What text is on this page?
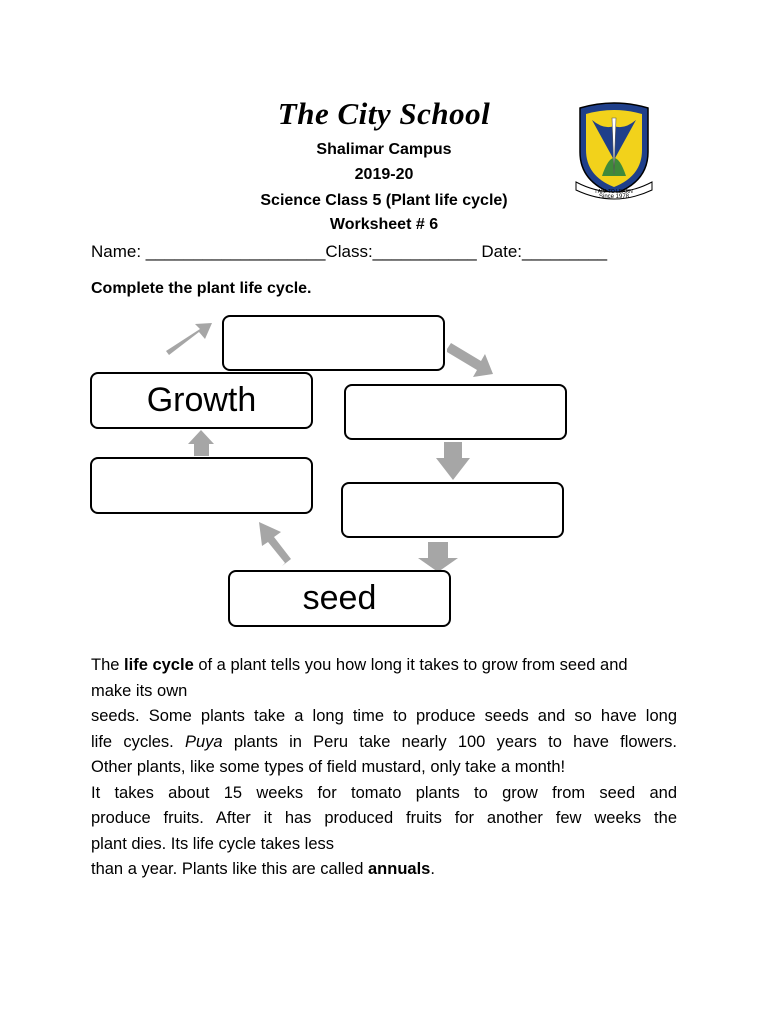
The City School
Shalimar Campus
2019-20
Science Class 5 (Plant life cycle)
Worksheet # 6
I AIM TO LEARN
Since 1978
Name: ___________________Class:___________ Date:_________
Complete the plant life cycle.
seed
Growth

The life cycle of a plant tells you how long it takes to grow from seed and

make its own

seeds. Some plants take a long time to produce seeds and so have long

life cycles. Puya plants in Peru take nearly 100 years to have flowers.

Other plants, like some types of field mustard, only take a month!

It takes about 15 weeks for tomato plants to grow from seed and

produce fruits. After it has produced fruits for another few weeks the

plant dies. Its life cycle takes less

than a year. Plants like this are called annuals.
